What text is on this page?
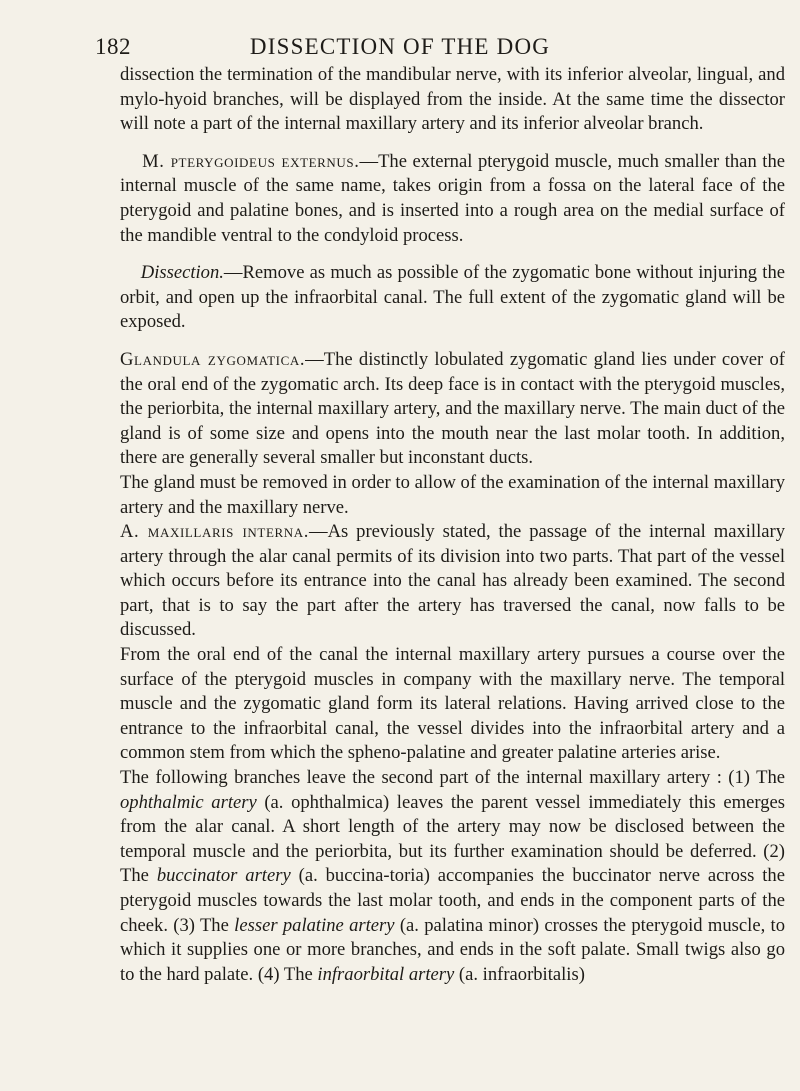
182	DISSECTION OF THE DOG

dissection the termination of the mandibular nerve, with its inferior alveolar, lingual, and mylo-hyoid branches, will be displayed from the inside. At the same time the dissector will note a part of the internal maxillary artery and its inferior alveolar branch.

M. pterygoideus externus.—The external pterygoid muscle, much smaller than the internal muscle of the same name, takes origin from a fossa on the lateral face of the pterygoid and palatine bones, and is inserted into a rough area on the medial surface of the mandible ventral to the condyloid process.

Dissection.—Remove as much as possible of the zygomatic bone without injuring the orbit, and open up the infraorbital canal. The full extent of the zygomatic gland will be exposed.

Glandula zygomatica.—The distinctly lobulated zygomatic gland lies under cover of the oral end of the zygomatic arch. Its deep face is in contact with the pterygoid muscles, the periorbita, the internal maxillary artery, and the maxillary nerve. The main duct of the gland is of some size and opens into the mouth near the last molar tooth. In addition, there are generally several smaller but inconstant ducts.

The gland must be removed in order to allow of the examination of the internal maxillary artery and the maxillary nerve.

A. maxillaris interna.—As previously stated, the passage of the internal maxillary artery through the alar canal permits of its division into two parts. That part of the vessel which occurs before its entrance into the canal has already been examined. The second part, that is to say the part after the artery has traversed the canal, now falls to be discussed.

From the oral end of the canal the internal maxillary artery pursues a course over the surface of the pterygoid muscles in company with the maxillary nerve. The temporal muscle and the zygomatic gland form its lateral relations. Having arrived close to the entrance to the infraorbital canal, the vessel divides into the infraorbital artery and a common stem from which the spheno-palatine and greater palatine arteries arise.

The following branches leave the second part of the internal maxillary artery : (1) The ophthalmic artery (a. ophthalmica) leaves the parent vessel immediately this emerges from the alar canal. A short length of the artery may now be disclosed between the temporal muscle and the periorbita, but its further examination should be deferred. (2) The buccinator artery (a. buccina-toria) accompanies the buccinator nerve across the pterygoid muscles towards the last molar tooth, and ends in the component parts of the cheek. (3) The lesser palatine artery (a. palatina minor) crosses the pterygoid muscle, to which it supplies one or more branches, and ends in the soft palate. Small twigs also go to the hard palate. (4) The infraorbital artery (a. infraorbitalis)
